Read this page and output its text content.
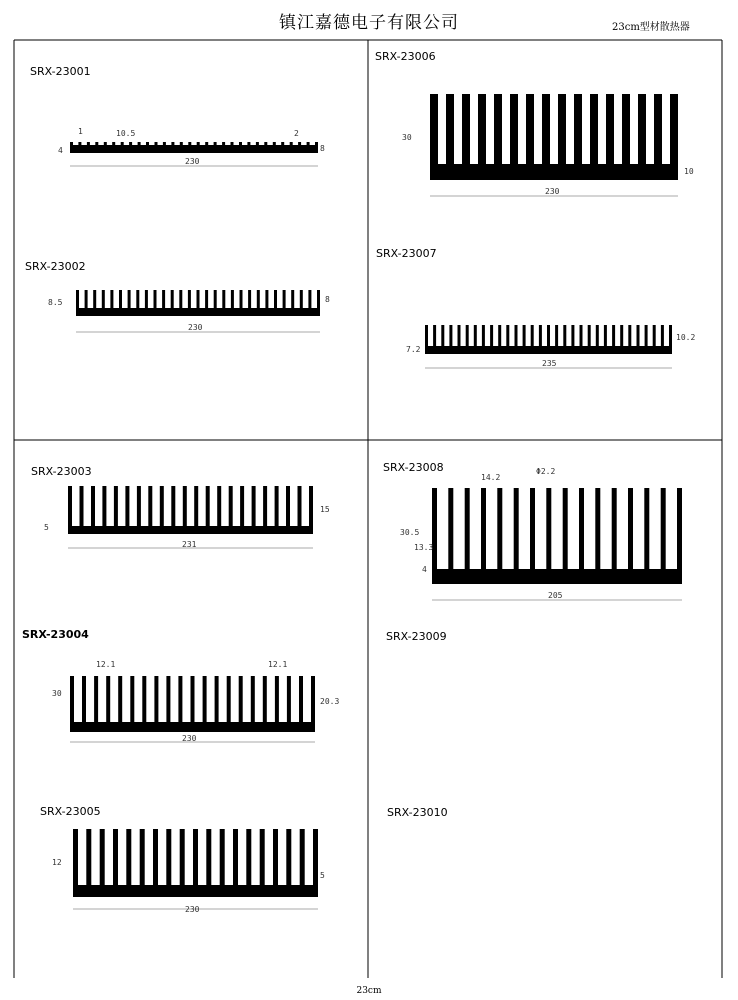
镇江嘉德电子有限公司	23cm型材散热器
SRX-23001
SRX-23002
SRX-23003
SRX-23004
SRX-23005
SRX-23006
SRX-23007
SRX-23008
SRX-23009
SRX-23010
1	10.5	2
4	8
230
8.5	8
230
5
15
231
12.1	12.1
30
20.3
230
12
5
230
30
10
230
7.2
10.2
235
14.2
Φ2.2
30.5
13.3
4
205
23cm
